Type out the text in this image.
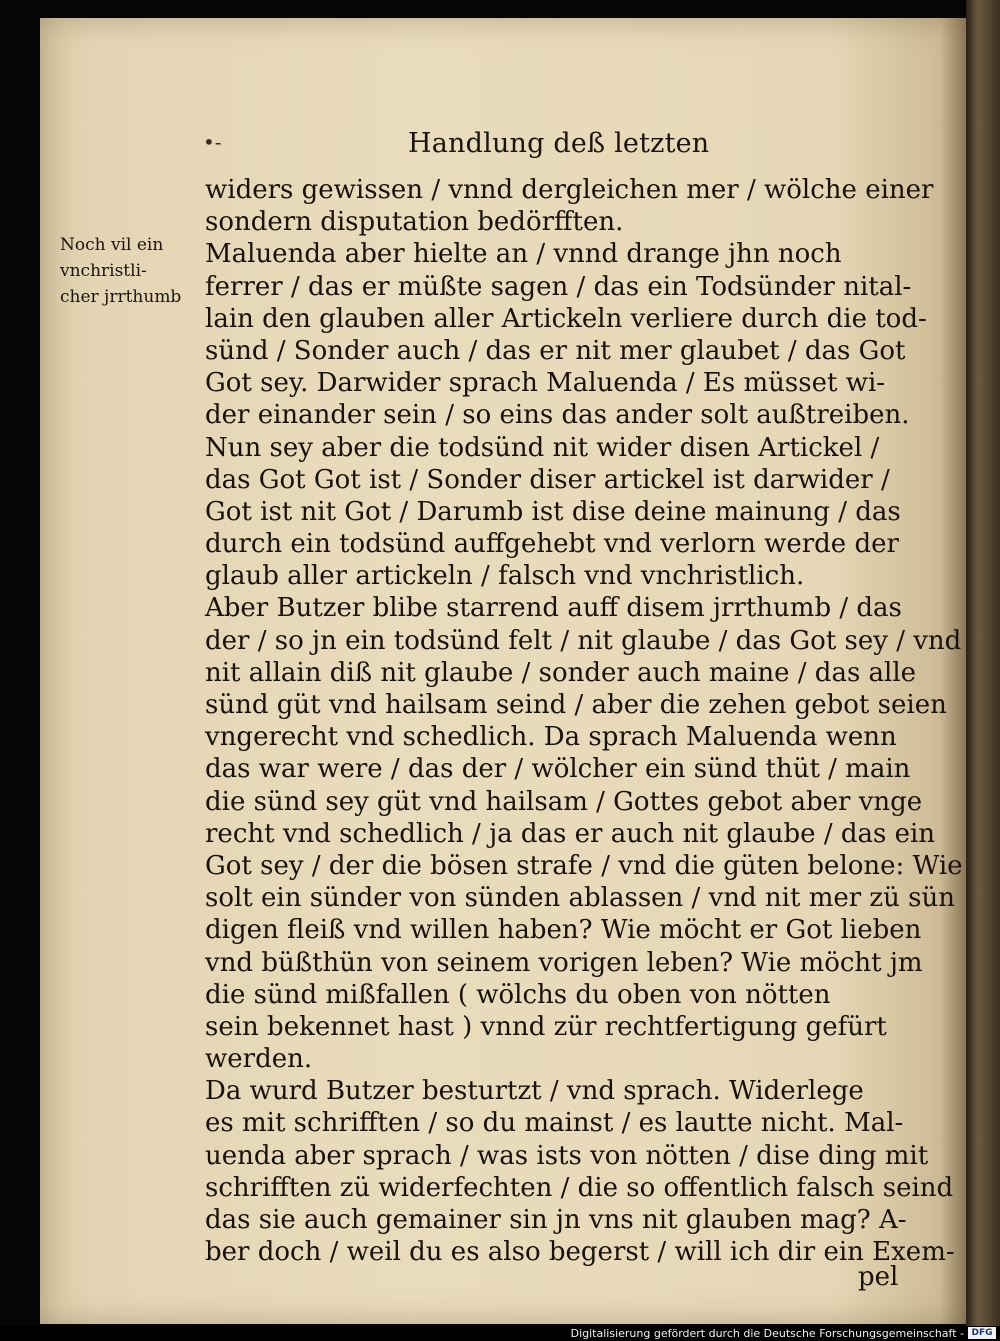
•-	Handlung deß letzten
Noch vil ein
vnchristli-
cher jrrthumb
widers gewissen / vnnd dergleichen mer / wölche einer
sondern disputation bedörfften.
Maluenda aber hielte an / vnnd drange jhn noch
ferrer / das er müßte sagen / das ein Todsünder nital-
lain den glauben aller Artickeln verliere durch die tod-
sünd / Sonder auch / das er nit mer glaubet / das Got
Got sey. Darwider sprach Maluenda / Es müsset wi-
der einander sein / so eins das ander solt außtreiben.
Nun sey aber die todsünd nit wider disen Artickel /
das Got Got ist / Sonder diser artickel ist darwider /
Got ist nit Got / Darumb ist dise deine mainung / das
durch ein todsünd auffgehebt vnd verlorn werde der
glaub aller artickeln / falsch vnd vnchristlich.
Aber Butzer blibe starrend auff disem jrrthumb / das
der / so jn ein todsünd felt / nit glaube / das Got sey / vnd
nit allain diß nit glaube / sonder auch maine / das alle
sünd güt vnd hailsam seind / aber die zehen gebot seien
vngerecht vnd schedlich. Da sprach Maluenda wenn
das war were / das der / wölcher ein sünd thüt / main
die sünd sey güt vnd hailsam / Gottes gebot aber vnge
recht vnd schedlich / ja das er auch nit glaube / das ein
Got sey / der die bösen strafe / vnd die güten belone: Wie
solt ein sünder von sünden ablassen / vnd nit mer zü sün
digen fleiß vnd willen haben? Wie möcht er Got lieben
vnd büßthün von seinem vorigen leben? Wie möcht jm
die sünd mißfallen ( wölchs du oben von nötten
sein bekennet hast ) vnnd zür rechtfertigung gefürt
werden.
Da wurd Butzer besturtzt / vnd sprach. Widerlege
es mit schrifften / so du mainst / es lautte nicht. Mal-
uenda aber sprach / was ists von nötten / dise ding mit
schrifften zü widerfechten / die so offentlich falsch seind
das sie auch gemainer sin jn vns nit glauben mag? A-
ber doch / weil du es also begerst / will ich dir ein Exem-
pel
Digitalisierung gefördert durch die Deutsche Forschungsgemeinschaft - DFG
